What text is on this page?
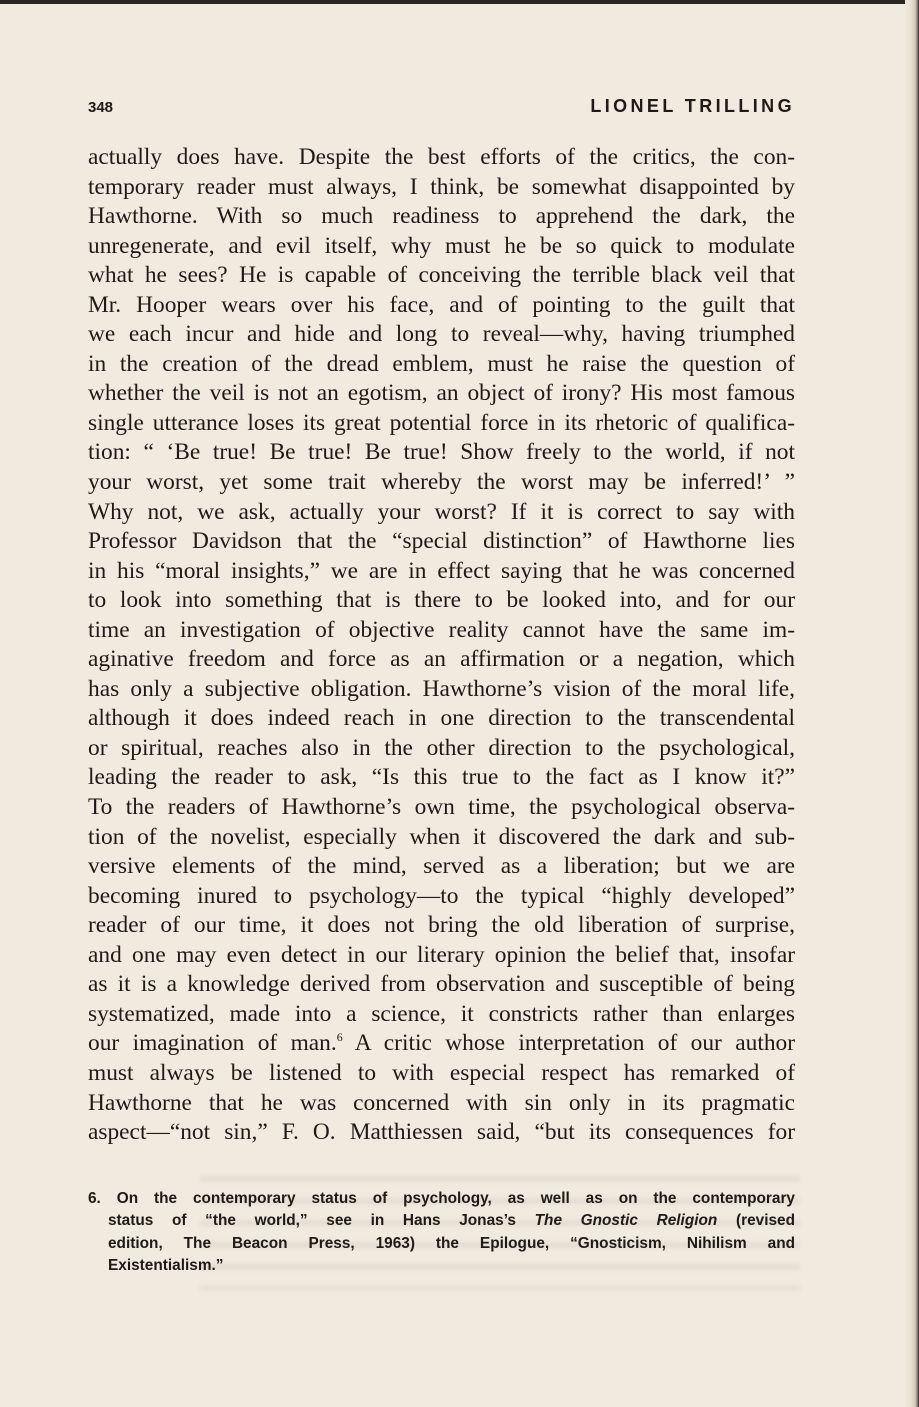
348	LIONEL TRILLING
actually does have. Despite the best efforts of the critics, the con-
temporary reader must always, I think, be somewhat disappointed by
Hawthorne. With so much readiness to apprehend the dark, the
unregenerate, and evil itself, why must he be so quick to modulate
what he sees? He is capable of conceiving the terrible black veil that
Mr. Hooper wears over his face, and of pointing to the guilt that
we each incur and hide and long to reveal—why, having triumphed
in the creation of the dread emblem, must he raise the question of
whether the veil is not an egotism, an object of irony? His most famous
single utterance loses its great potential force in its rhetoric of qualifica-
tion: “ ‘Be true! Be true! Be true! Show freely to the world, if not
your worst, yet some trait whereby the worst may be inferred!’ ”
Why not, we ask, actually your worst? If it is correct to say with
Professor Davidson that the “special distinction” of Hawthorne lies
in his “moral insights,” we are in effect saying that he was concerned
to look into something that is there to be looked into, and for our
time an investigation of objective reality cannot have the same im-
aginative freedom and force as an affirmation or a negation, which
has only a subjective obligation. Hawthorne’s vision of the moral life,
although it does indeed reach in one direction to the transcendental
or spiritual, reaches also in the other direction to the psychological,
leading the reader to ask, “Is this true to the fact as I know it?”
To the readers of Hawthorne’s own time, the psychological observa-
tion of the novelist, especially when it discovered the dark and sub-
versive elements of the mind, served as a liberation; but we are
becoming inured to psychology—to the typical “highly developed”
reader of our time, it does not bring the old liberation of surprise,
and one may even detect in our literary opinion the belief that, insofar
as it is a knowledge derived from observation and susceptible of being
systematized, made into a science, it constricts rather than enlarges
our imagination of man.$^6$ A critic whose interpretation of our author
must always be listened to with especial respect has remarked of
Hawthorne that he was concerned with sin only in its pragmatic
aspect—“not sin,” F. O. Matthiessen said, “but its consequences for
6. On the contemporary status of psychology, as well as on the contemporary
status of “the world,” see in Hans Jonas’s The Gnostic Religion (revised
edition, The Beacon Press, 1963) the Epilogue, “Gnosticism, Nihilism and
Existentialism.”
